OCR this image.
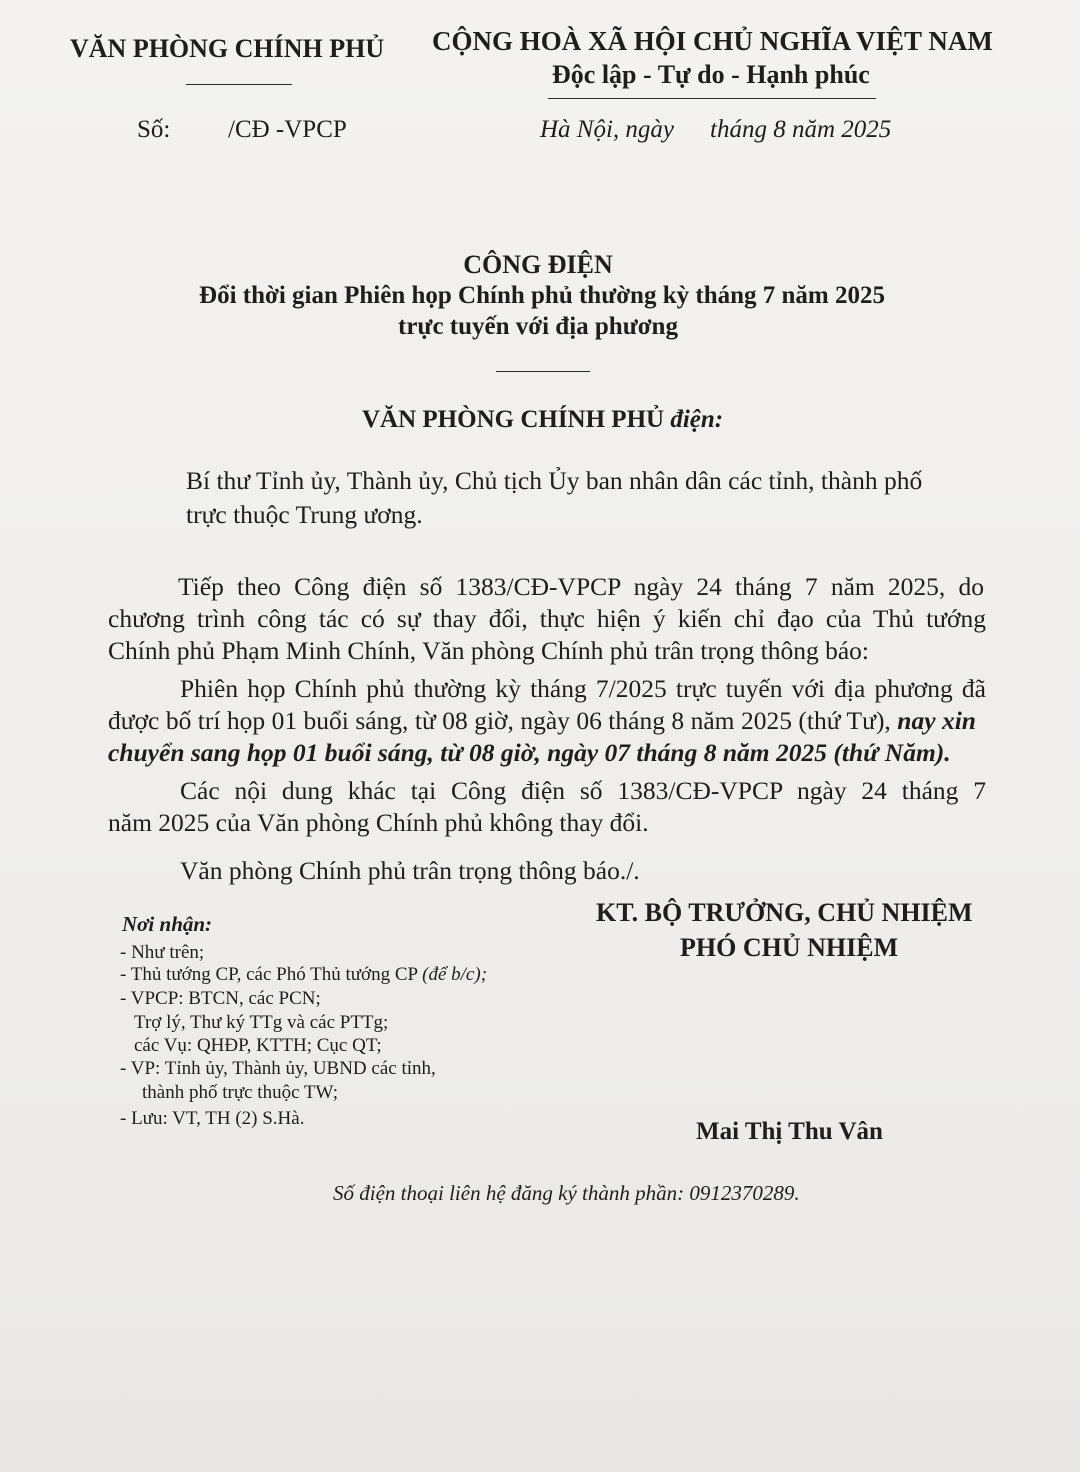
VĂN PHÒNG CHÍNH PHỦ CỘNG HOÀ XÃ HỘI CHỦ NGHĨA VIỆT NAM
Độc lập - Tự do - Hạnh phúc
Số: /CĐ -VPCP	Hà Nội, ngày tháng 8 năm 2025
CÔNG ĐIỆN
Đổi thời gian Phiên họp Chính phủ thường kỳ tháng 7 năm 2025
trực tuyến với địa phương
VĂN PHÒNG CHÍNH PHỦ điện:
Bí thư Tỉnh ủy, Thành ủy, Chủ tịch Ủy ban nhân dân các tỉnh, thành phố
trực thuộc Trung ương.
Tiếp theo Công điện số 1383/CĐ-VPCP ngày 24 tháng 7 năm 2025, do
chương trình công tác có sự thay đổi, thực hiện ý kiến chỉ đạo của Thủ tướng
Chính phủ Phạm Minh Chính, Văn phòng Chính phủ trân trọng thông báo:
Phiên họp Chính phủ thường kỳ tháng 7/2025 trực tuyến với địa phương đã
được bố trí họp 01 buổi sáng, từ 08 giờ, ngày 06 tháng 8 năm 2025 (thứ Tư), nay xin
chuyển sang họp 01 buổi sáng, từ 08 giờ, ngày 07 tháng 8 năm 2025 (thứ Năm).
Các nội dung khác tại Công điện số 1383/CĐ-VPCP ngày 24 tháng 7
năm 2025 của Văn phòng Chính phủ không thay đổi.
Văn phòng Chính phủ trân trọng thông báo./.
Nơi nhận:
- Như trên;
- Thủ tướng CP, các Phó Thủ tướng CP (để b/c);
- VPCP: BTCN, các PCN;
Trợ lý, Thư ký TTg và các PTTg;
các Vụ: QHĐP, KTTH; Cục QT;
- VP: Tỉnh ủy, Thành ủy, UBND các tỉnh,
thành phố trực thuộc TW;
- Lưu: VT, TH (2) S.Hà.
KT. BỘ TRƯỞNG, CHỦ NHIỆM
PHÓ CHỦ NHIỆM
Mai Thị Thu Vân
Số điện thoại liên hệ đăng ký thành phần: 0912370289.
